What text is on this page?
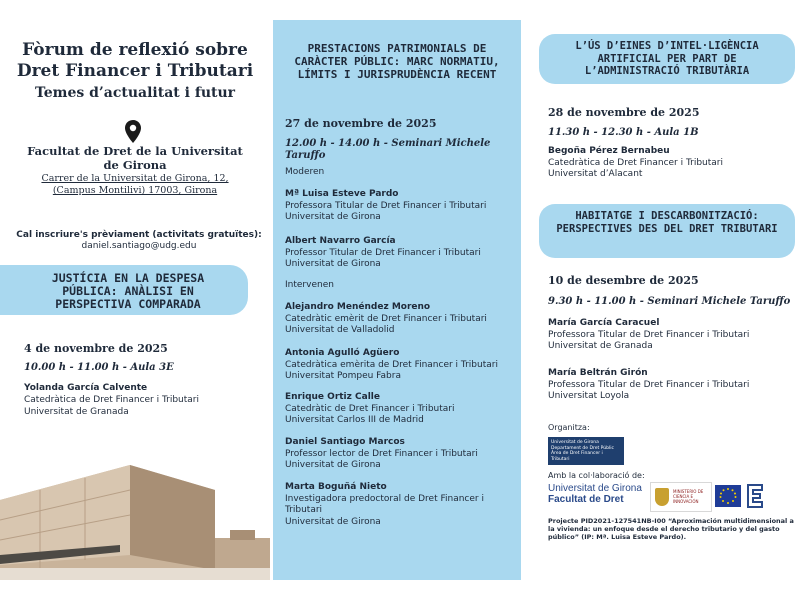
Fòrum de reflexió sobre
Dret Financer i Tributari
Temes d’actualitat i futur
Facultat de Dret de la Universitat de Girona
Carrer de la Universitat de Girona, 12, (Campus Montilivi) 17003, Girona
Cal inscriure's prèviament (activitats gratuïtes):
daniel.santiago@udg.edu
JUSTÍCIA EN LA DESPESA PÚBLICA: ANÀLISI EN PERSPECTIVA COMPARADA
4 de novembre de 2025
10.00 h - 11.00 h - Aula 3E
Yolanda García Calvente
Catedràtica de Dret Financer i Tributari
Universitat de Granada
PRESTACIONS PATRIMONIALS DE CARÀCTER PÚBLIC: MARC NORMATIU, LÍMITS I JURISPRUDÈNCIA RECENT
27 de novembre de 2025
12.00 h - 14.00 h - Seminari Michele Taruffo
Moderen
Mª Luisa Esteve Pardo
Professora Titular de Dret Financer i Tributari
Universitat de Girona
Albert Navarro García
Professor Titular de Dret Financer i Tributari
Universitat de Girona
Intervenen
Alejandro Menéndez Moreno
Catedràtic emèrit de Dret Financer i Tributari
Universitat de Valladolid
Antonia Agulló Agüero
Catedràtica emèrita de Dret Financer i Tributari
Universitat Pompeu Fabra
Enrique Ortiz Calle
Catedràtic de Dret Financer i Tributari
Universitat Carlos III de Madrid
Daniel Santiago Marcos
Professor lector de Dret Financer i Tributari
Universitat de Girona
Marta Boguñá Nieto
Investigadora predoctoral de Dret Financer i Tributari
Universitat de Girona
L’ÚS D’EINES D’INTEL·LIGÈNCIA ARTIFICIAL PER PART DE L’ADMINISTRACIÓ TRIBUTÀRIA
28 de novembre de 2025
11.30 h - 12.30 h - Aula 1B
Begoña Pérez Bernabeu
Catedràtica de Dret Financer i Tributari
Universitat d’Alacant
HABITATGE I DESCARBONITZACIÓ: PERSPECTIVES DES DEL DRET TRIBUTARI
10 de desembre de 2025
9.30 h - 11.00 h - Seminari Michele Taruffo
María García Caracuel
Professora Titular de Dret Financer i Tributari
Universitat de Granada
María Beltrán Girón
Professora Titular de Dret Financer i Tributari
Universitat Loyola
Organitza:
Universitat de Girona Departament de Dret Públic Àrea de Dret Financer i Tributari
Amb la col·laboració de:
Universitat de Girona
Facultat de Dret
MINISTERIO DE CIENCIA E INNOVACIÓN
Projecte PID2021-127541NB-I00 “Aproximación multidimensional a la vivienda: un enfoque desde el derecho tributario y del gasto público” (IP: Mª. Luisa Esteve Pardo).
